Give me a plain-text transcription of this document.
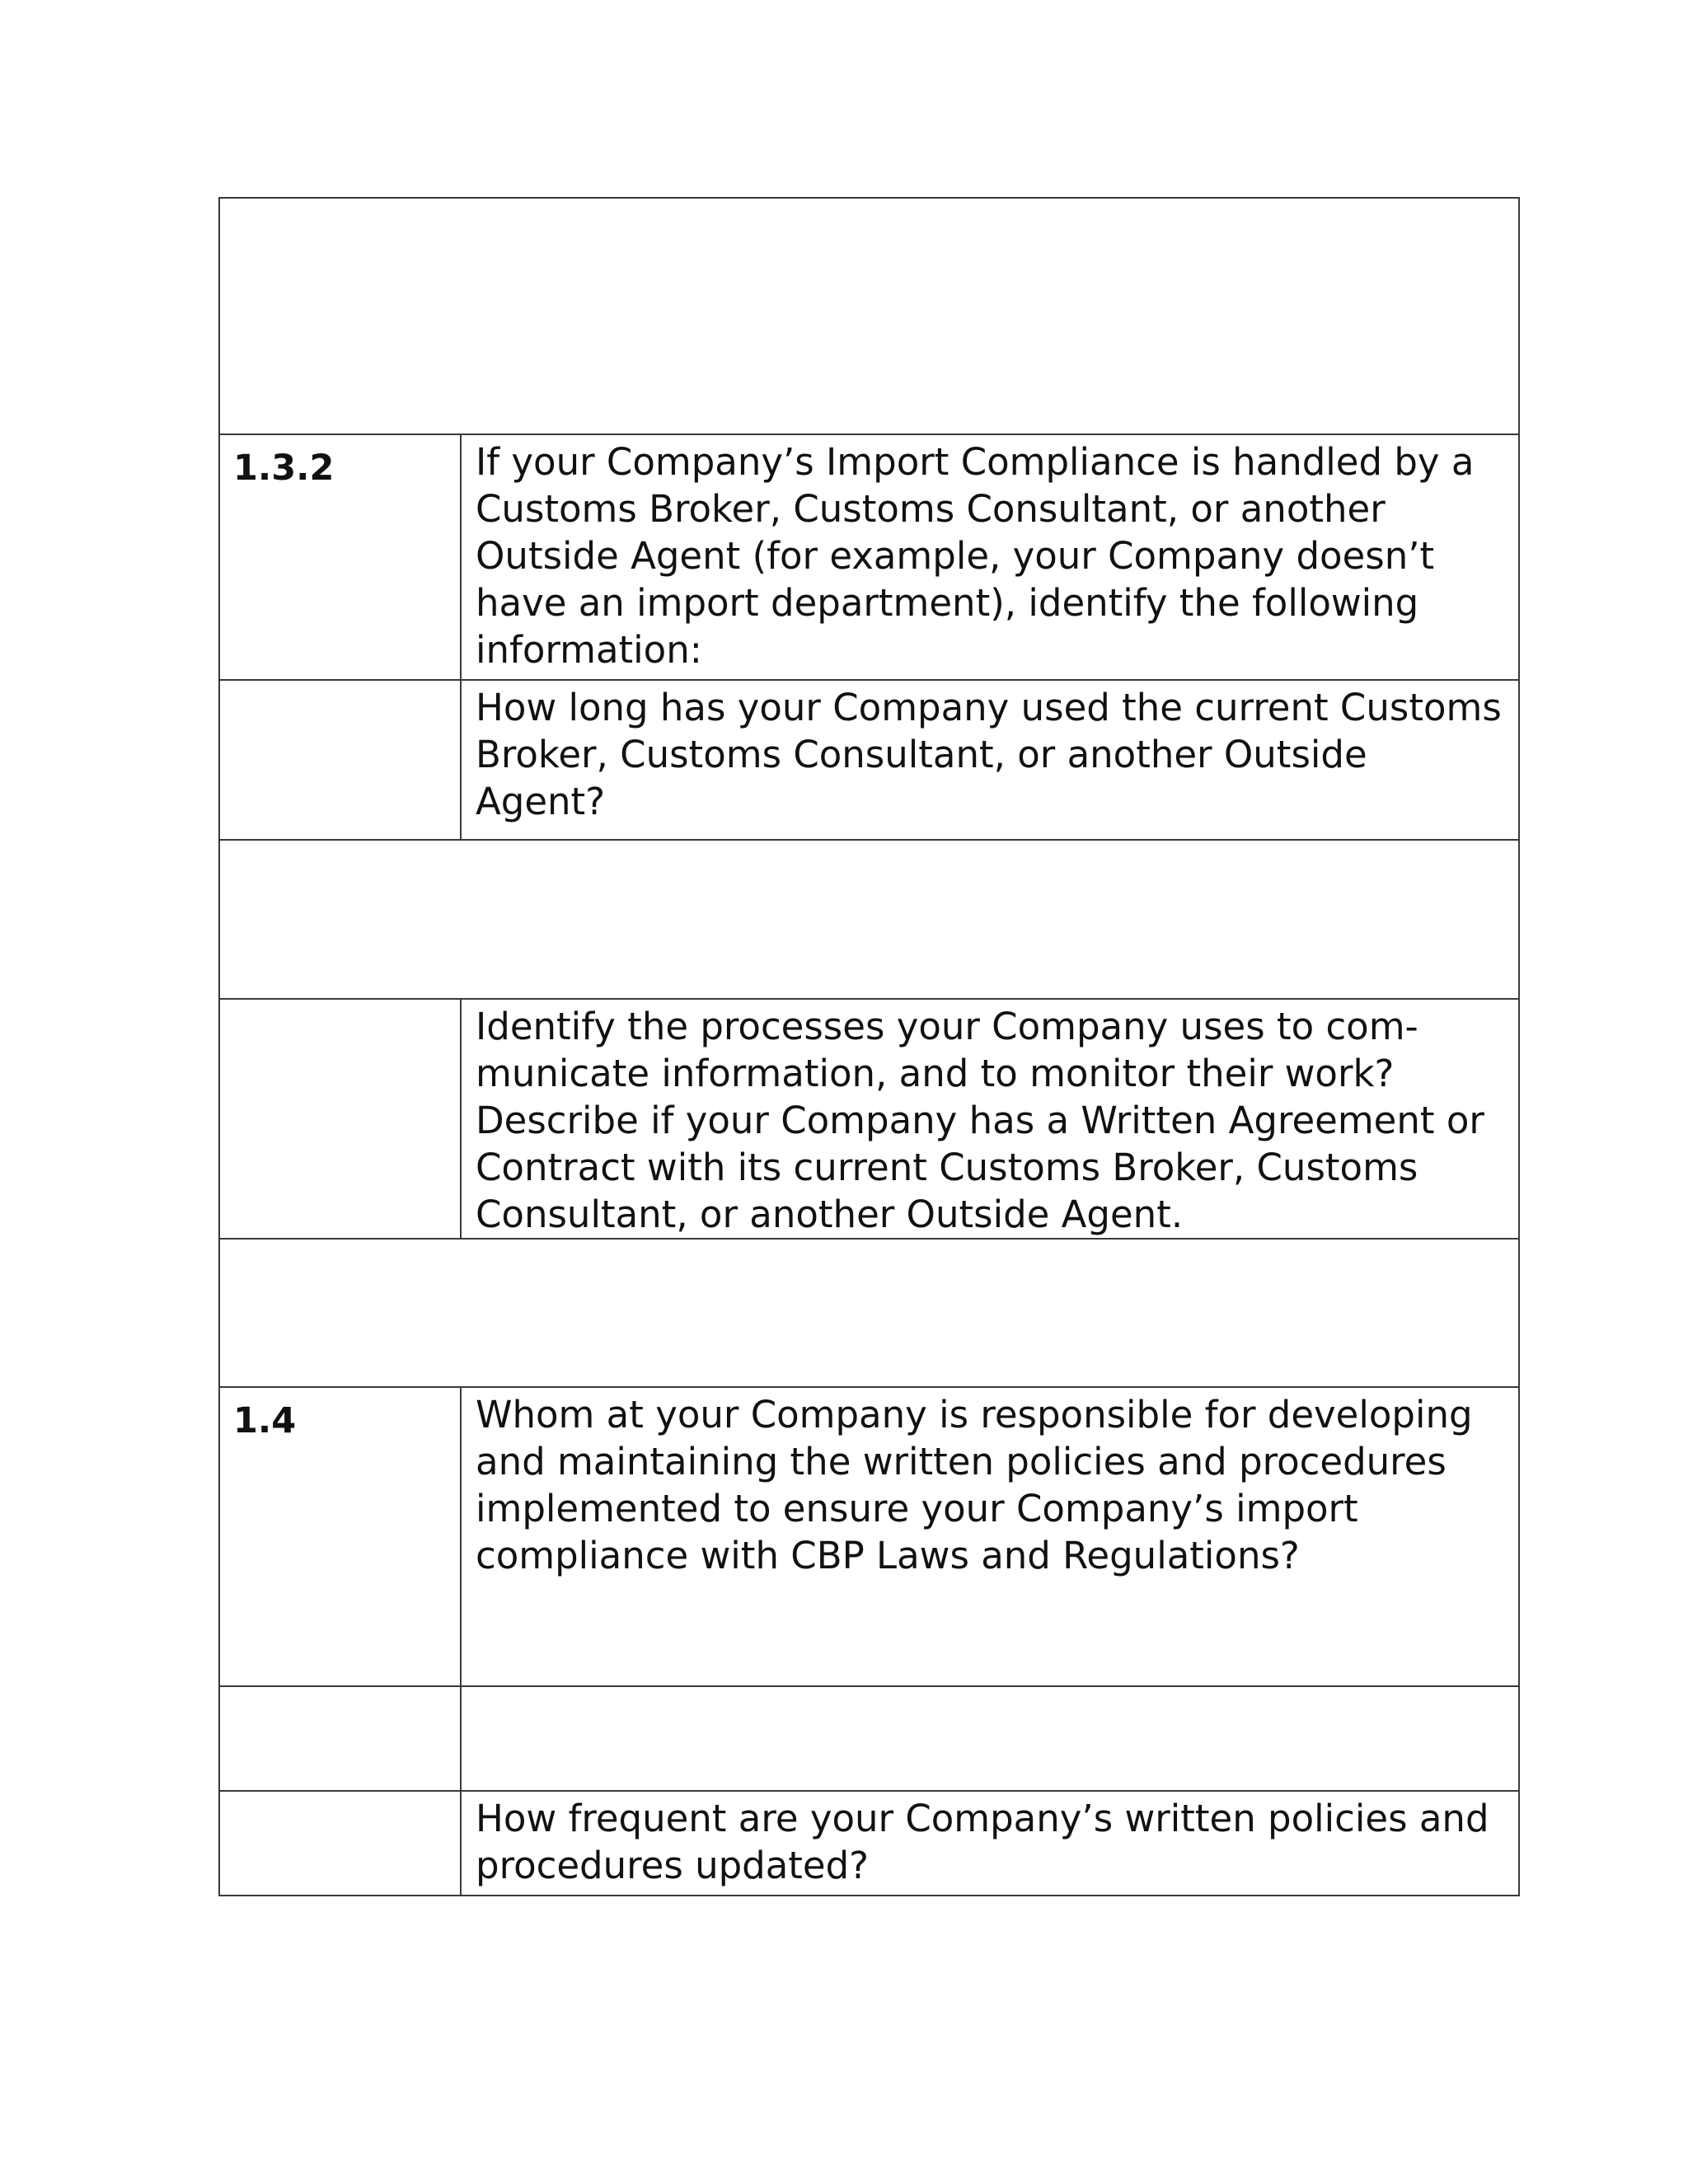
1.3.2	If your Company’s Import Compliance is handled by a Customs Broker, Customs Consultant, or another Outside Agent (for example, your Company doesn’t have an import department), identify the following information:
	How long has your Company used the current Customs Broker, Customs Consultant, or another Outside Agent?

	Identify the processes your Company uses to com-municate information, and to monitor their work? Describe if your Company has a Written Agreement or Contract with its current Customs Broker, Customs Consultant, or another Outside Agent.

1.4	Whom at your Company is responsible for developing and maintaining the written policies and procedures implemented to ensure your Company’s import compliance with CBP Laws and Regulations?

	How frequent are your Company’s written policies and procedures updated?
